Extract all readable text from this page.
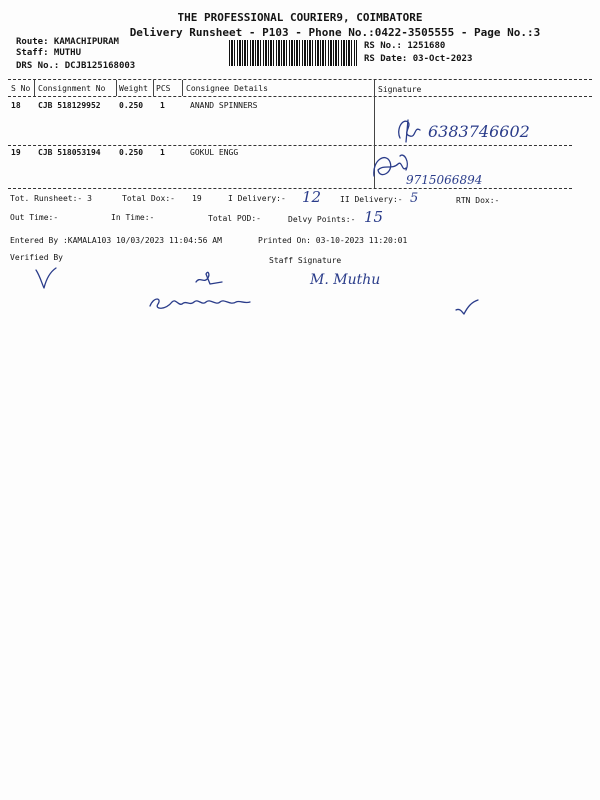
THE PROFESSIONAL COURIER9, COIMBATORE
Delivery Runsheet - P103 - Phone No.:0422-3505555 - Page No.:3
Route: KAMACHIPURAM
Staff: MUTHU
DRS No.: DCJB125168003
RS No.: 1251680
RS Date: 03-Oct-2023
S No Consignment No Weight PCS Consignee Details	Signature
18 CJB 518129952 0.250 1	ANAND SPINNERS
19 CJB 518053194 0.250 1	GOKUL ENGG
6383746602
9715066894
Tot. Runsheet:- 3	Total Dox:- 19	I Delivery:- 12 II Delivery:- 5	RTN Dox:-
Out Time:-	In Time:-	Total POD:-	Delvy Points:- 15
Entered By :KAMALA103 10/03/2023 11:04:56 AM	Printed On: 03-10-2023 11:20:01
Verified By	Staff Signature
M. Muthu
